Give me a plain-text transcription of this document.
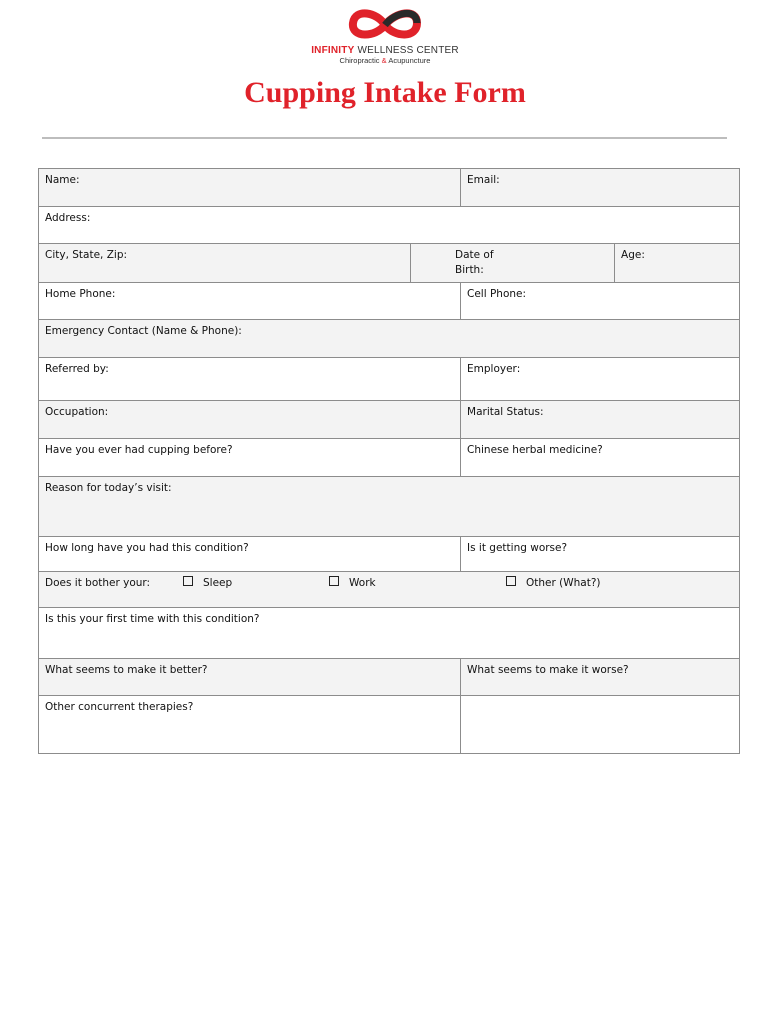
INFINITY WELLNESS CENTER
Chiropractic & Acupuncture
Cupping Intake Form
Name:		Email:	
Address:			
City, State, Zip:	Date of
Birth:		Age:
Home Phone:		Cell Phone:	
Emergency Contact (Name & Phone):			
Referred by:		Employer:	
Occupation:		Marital Status:	
Have you ever had cupping before?		Chinese herbal medicine?	
Reason for today’s visit:			
How long have you had this condition?		Is it getting worse?	

Does it bother your: Sleep Work Other (What?)			

Is this your first time with this condition?			
What seems to make it better?		What seems to make it worse?	
Other concurrent therapies?			
